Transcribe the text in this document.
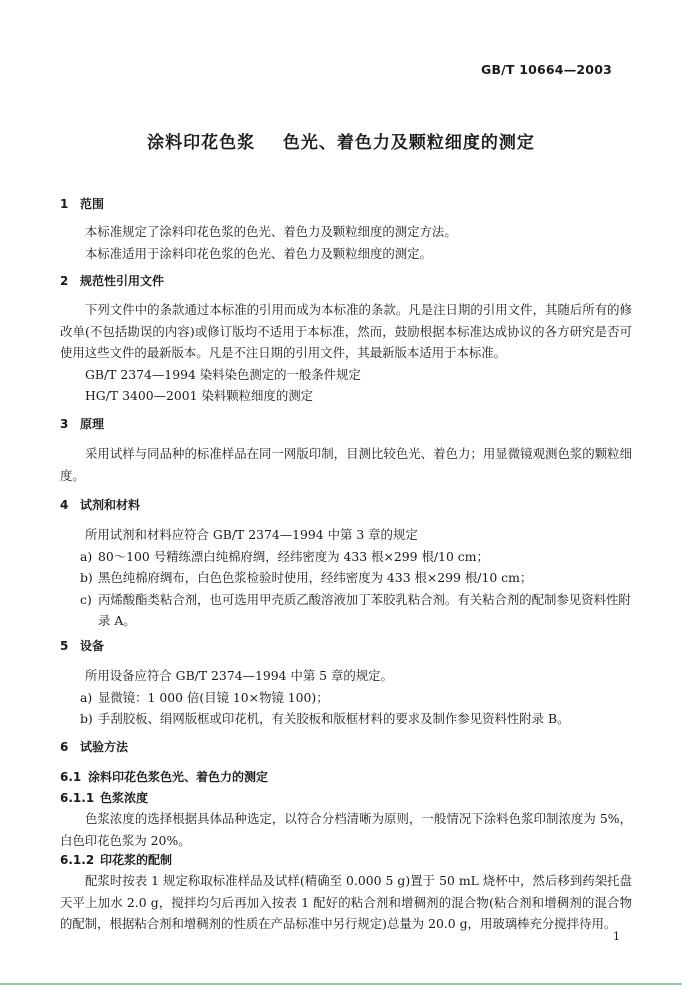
GB/T 10664—2003
涂料印花色浆    色光、着色力及颗粒细度的测定
1 范围

本标准规定了涂料印花色浆的色光、着色力及颗粒细度的测定方法。

本标准适用于涂料印花色浆的色光、着色力及颗粒细度的测定。

2 规范性引用文件

下列文件中的条款通过本标准的引用而成为本标准的条款。凡是注日期的引用文件，其随后所有的修改单(不包括勘误的内容)或修订版均不适用于本标准，然而，鼓励根据本标准达成协议的各方研究是否可使用这些文件的最新版本。凡是不注日期的引用文件，其最新版本适用于本标准。

GB/T 2374—1994 染料染色测定的一般条件规定

HG/T 3400—2001 染料颗粒细度的测定

3 原理

采用试样与同品种的标准样品在同一网版印制，目测比较色光、着色力；用显微镜观测色浆的颗粒细度。

4 试剂和材料

所用试剂和材料应符合 GB/T 2374—1994 中第 3 章的规定

a) 80～100 号精练漂白纯棉府绸，经纬密度为 433 根×299 根/10 cm；

b) 黑色纯棉府绸布，白色色浆检验时使用，经纬密度为 433 根×299 根/10 cm；

c) 丙烯酸酯类粘合剂，也可选用甲壳质乙酸溶液加丁苯胶乳粘合剂。有关粘合剂的配制参见资料性附录 A。

5 设备

所用设备应符合 GB/T 2374—1994 中第 5 章的规定。

a) 显微镜：1 000 倍(目镜 10×物镜 100)；

b) 手刮胶板、绢网版框或印花机，有关胶板和版框材料的要求及制作参见资料性附录 B。

6 试验方法
6.1 涂料印花色浆色光、着色力的测定
6.1.1 色浆浓度

色浆浓度的选择根据具体品种选定，以符合分档清晰为原则，一般情况下涂料色浆印制浓度为 5%，白色印花色浆为 20%。

6.1.2 印花浆的配制

配浆时按表 1 规定称取标准样品及试样(精确至 0.000 5 g)置于 50 mL 烧杯中，然后移到药架托盘天平上加水 2.0 g，搅拌均匀后再加入按表 1 配好的粘合剂和增稠剂的混合物(粘合剂和增稠剂的混合物的配制，根据粘合剂和增稠剂的性质在产品标准中另行规定)总量为 20.0 g，用玻璃棒充分搅拌待用。

1
